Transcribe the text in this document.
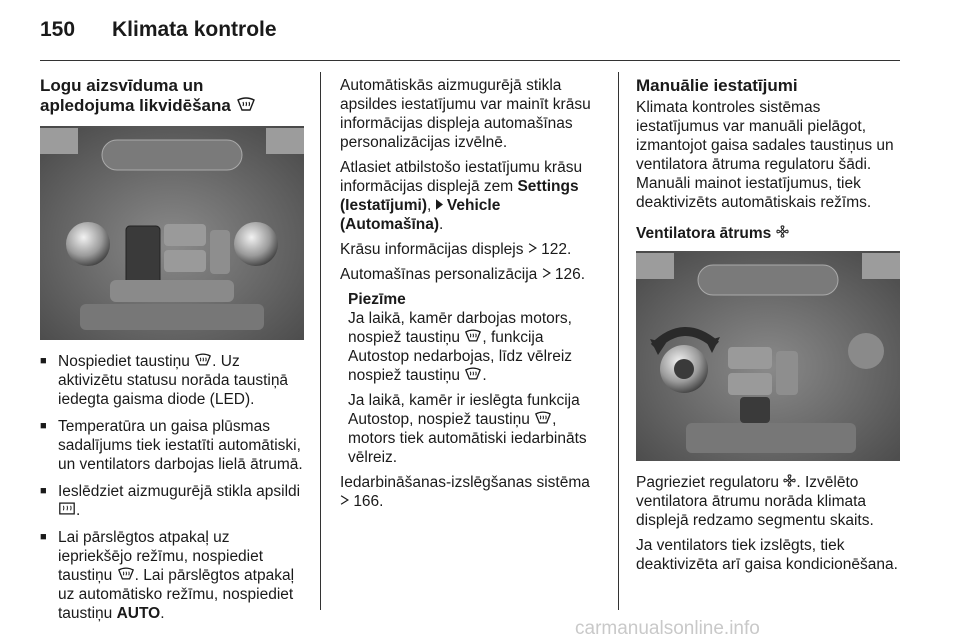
150 Klimata kontrole
Logu aizsvīduma un
apledojuma likvidēšana
■ Nospiediet taustiņu . Uz aktivizētu statusu norāda taustiņā iedegta gaisma diode (LED).
■ Temperatūra un gaisa plūsmas sadalījums tiek iestatīti automātiski, un ventilators darbojas lielā ātrumā.
■ Ieslēdziet aizmugurējā stikla apsildi .
■ Lai pārslēgtos atpakaļ uz iepriekšējo režīmu, nospiediet taustiņu . Lai pārslēgtos atpakaļ uz automātisko režīmu, nospiediet taustiņu AUTO.

Automātiskās aizmugurējā stikla apsildes iestatījumu var mainīt krāsu informācijas displeja automašīnas personalizācijas izvēlnē.

Atlasiet atbilstošo iestatījumu krāsu informācijas displejā zem Settings (Iestatījumi),  Vehicle (Automašīna).

Krāsu informācijas displejs  122.

Automašīnas personalizācija  126.

Piezīme

Ja laikā, kamēr darbojas motors, nospiež taustiņu , funkcija Autostop nedarbojas, līdz vēlreiz nospiež taustiņu .

Ja laikā, kamēr ir ieslēgta funkcija Autostop, nospiež taustiņu , motors tiek automātiski iedarbināts vēlreiz.

Iedarbināšanas-izslēgšanas sistēma  166.

Manuālie iestatījumi

Klimata kontroles sistēmas iestatījumus var manuāli pielāgot, izmantojot gaisa sadales taustiņus un ventilatora ātruma regulatoru šādi. Manuāli mainot iestatījumus, tiek deaktivizēts automātiskais režīms.

Ventilatora ātrums

Pagrieziet regulatoru . Izvēlēto ventilatora ātrumu norāda klimata displejā redzamo segmentu skaits.

Ja ventilators tiek izslēgts, tiek deaktivizēta arī gaisa kondicionēšana.

carmanualsonline.info
